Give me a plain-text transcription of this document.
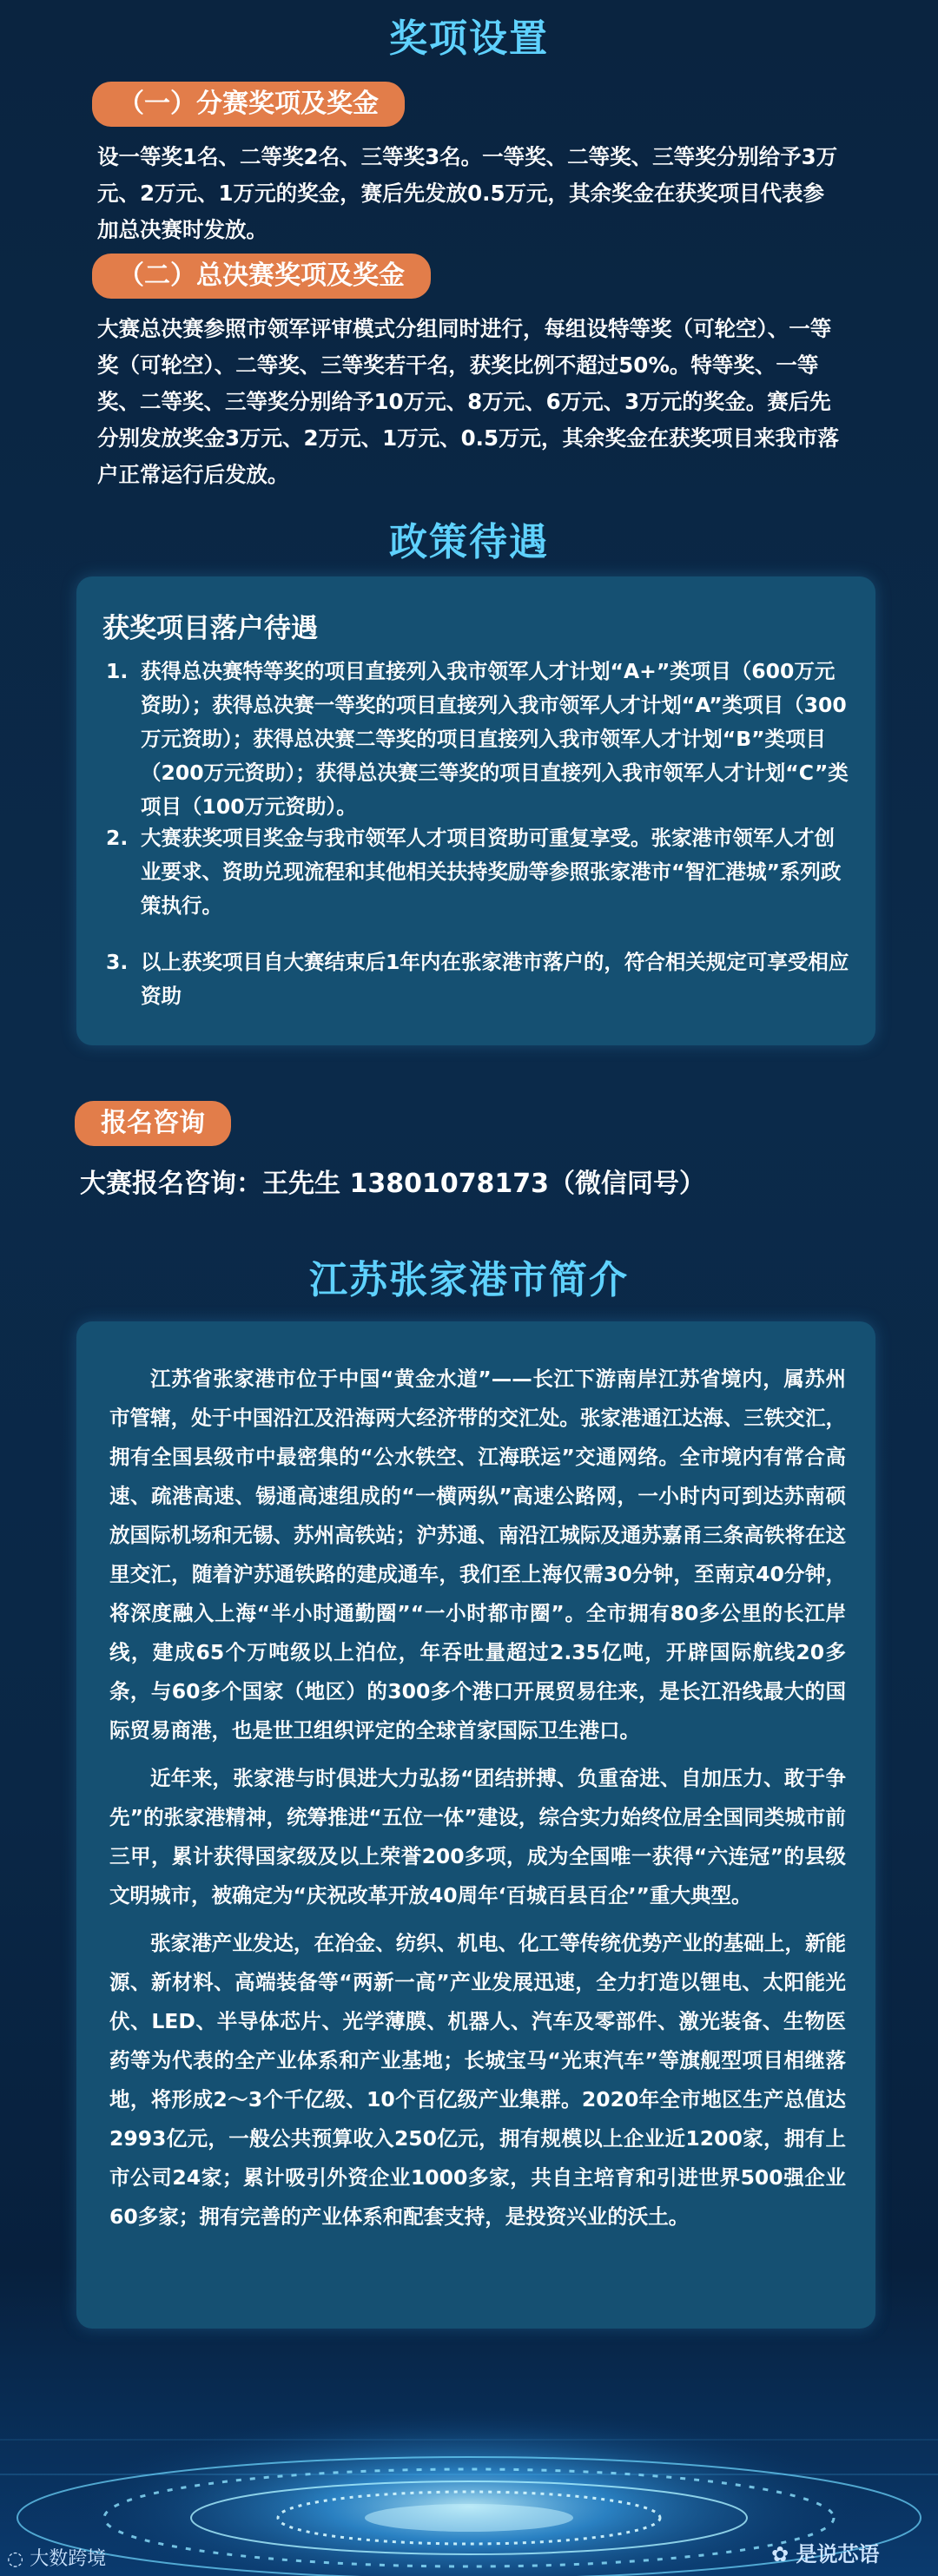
奖项设置
（一）分赛奖项及奖金
设一等奖1名、二等奖2名、三等奖3名。一等奖、二等奖、三等奖分别给予3万元、2万元、1万元的奖金，赛后先发放0.5万元，其余奖金在获奖项目代表参加总决赛时发放。
（二）总决赛奖项及奖金
大赛总决赛参照市领军评审模式分组同时进行，每组设特等奖（可轮空）、一等奖（可轮空）、二等奖、三等奖若干名，获奖比例不超过50%。特等奖、一等奖、二等奖、三等奖分别给予10万元、8万元、6万元、3万元的奖金。赛后先分别发放奖金3万元、2万元、1万元、0.5万元，其余奖金在获奖项目来我市落户正常运行后发放。
政策待遇
获奖项目落户待遇
1. 获得总决赛特等奖的项目直接列入我市领军人才计划“A+”类项目（600万元资助）；获得总决赛一等奖的项目直接列入我市领军人才计划“A”类项目（300万元资助）；获得总决赛二等奖的项目直接列入我市领军人才计划“B”类项目（200万元资助）；获得总决赛三等奖的项目直接列入我市领军人才计划“C”类项目（100万元资助）。
2. 大赛获奖项目奖金与我市领军人才项目资助可重复享受。张家港市领军人才创业要求、资助兑现流程和其他相关扶持奖励等参照张家港市“智汇港城”系列政策执行。
3. 以上获奖项目自大赛结束后1年内在张家港市落户的，符合相关规定可享受相应资助
报名咨询
大赛报名咨询：王先生 13801078173（微信同号）
江苏张家港市简介

江苏省张家港市位于中国“黄金水道”——长江下游南岸江苏省境内，属苏州市管辖，处于中国沿江及沿海两大经济带的交汇处。张家港通江达海、三铁交汇，拥有全国县级市中最密集的“公水铁空、江海联运”交通网络。全市境内有常合高速、疏港高速、锡通高速组成的“一横两纵”高速公路网，一小时内可到达苏南硕放国际机场和无锡、苏州高铁站；沪苏通、南沿江城际及通苏嘉甬三条高铁将在这里交汇，随着沪苏通铁路的建成通车，我们至上海仅需30分钟，至南京40分钟，将深度融入上海“半小时通勤圈”“一小时都市圈”。全市拥有80多公里的长江岸线，建成65个万吨级以上泊位，年吞吐量超过2.35亿吨，开辟国际航线20多条，与60多个国家（地区）的300多个港口开展贸易往来，是长江沿线最大的国际贸易商港，也是世卫组织评定的全球首家国际卫生港口。

近年来，张家港与时俱进大力弘扬“团结拼搏、负重奋进、自加压力、敢于争先”的张家港精神，统筹推进“五位一体”建设，综合实力始终位居全国同类城市前三甲，累计获得国家级及以上荣誉200多项，成为全国唯一获得“六连冠”的县级文明城市，被确定为“庆祝改革开放40周年‘百城百县百企’”重大典型。

张家港产业发达，在冶金、纺织、机电、化工等传统优势产业的基础上，新能源、新材料、高端装备等“两新一高”产业发展迅速，全力打造以锂电、太阳能光伏、LED、半导体芯片、光学薄膜、机器人、汽车及零部件、激光装备、生物医药等为代表的全产业体系和产业基地；长城宝马“光束汽车”等旗舰型项目相继落地，将形成2～3个千亿级、10个百亿级产业集群。2020年全市地区生产总值达2993亿元，一般公共预算收入250亿元，拥有规模以上企业近1200家，拥有上市公司24家；累计吸引外资企业1000多家，共自主培育和引进世界500强企业60多家；拥有完善的产业体系和配套支持，是投资兴业的沃土。

◌ 大数跨境	✿ 是说芯语
